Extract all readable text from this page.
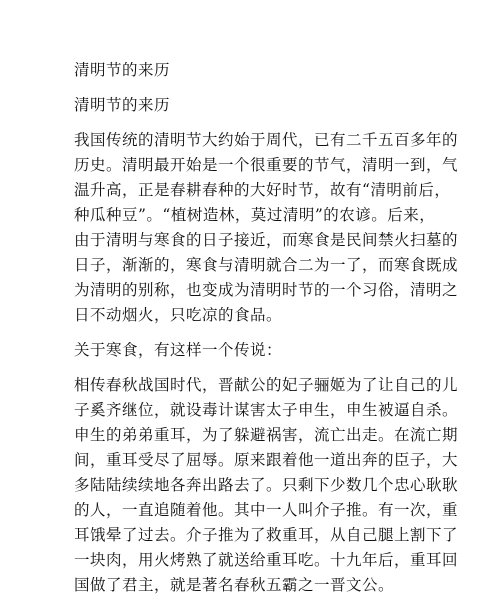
清明节的来历
清明节的来历
我国传统的清明节大约始于周代，已有二千五百多年的
历史。清明最开始是一个很重要的节气，清明一到，气
温升高，正是春耕春种的大好时节，故有“清明前后，
种瓜种豆”。“植树造林，莫过清明”的农谚。后来，
由于清明与寒食的日子接近，而寒食是民间禁火扫墓的
日子，渐渐的，寒食与清明就合二为一了，而寒食既成
为清明的别称，也变成为清明时节的一个习俗，清明之
日不动烟火，只吃凉的食品。
关于寒食，有这样一个传说：
相传春秋战国时代，晋献公的妃子骊姬为了让自己的儿
子奚齐继位，就设毒计谋害太子申生，申生被逼自杀。
申生的弟弟重耳，为了躲避祸害，流亡出走。在流亡期
间，重耳受尽了屈辱。原来跟着他一道出奔的臣子，大
多陆陆续续地各奔出路去了。只剩下少数几个忠心耿耿
的人，一直追随着他。其中一人叫介子推。有一次，重
耳饿晕了过去。介子推为了救重耳，从自己腿上割下了
一块肉，用火烤熟了就送给重耳吃。十九年后，重耳回
国做了君主，就是著名春秋五霸之一晋文公。
